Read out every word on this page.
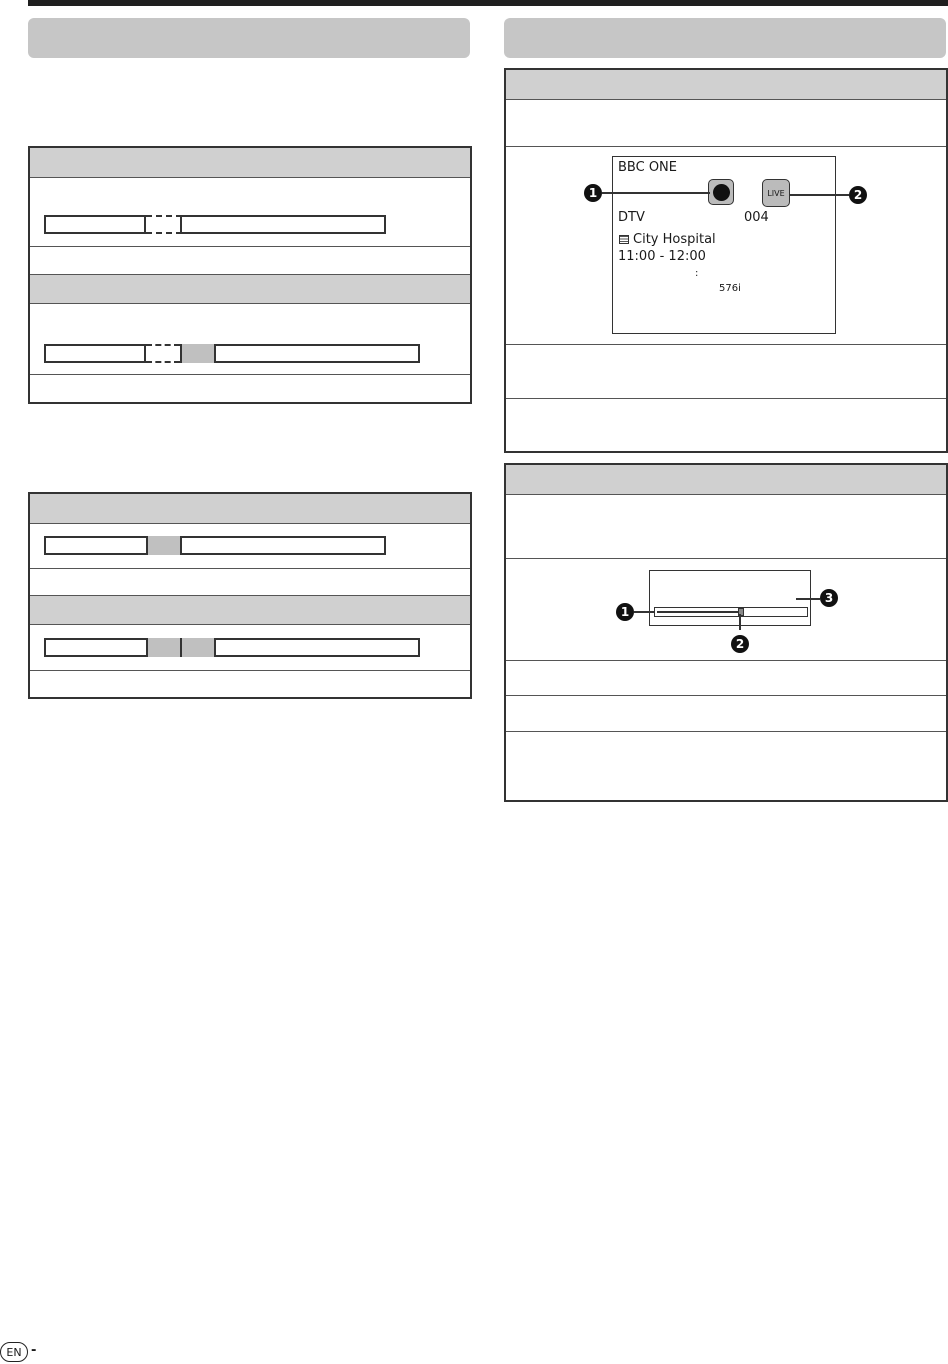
BBC ONE
LIVE
DTV	004
City Hospital
11:00 - 12:00
:
576i
1	2
1
2
3
EN -
